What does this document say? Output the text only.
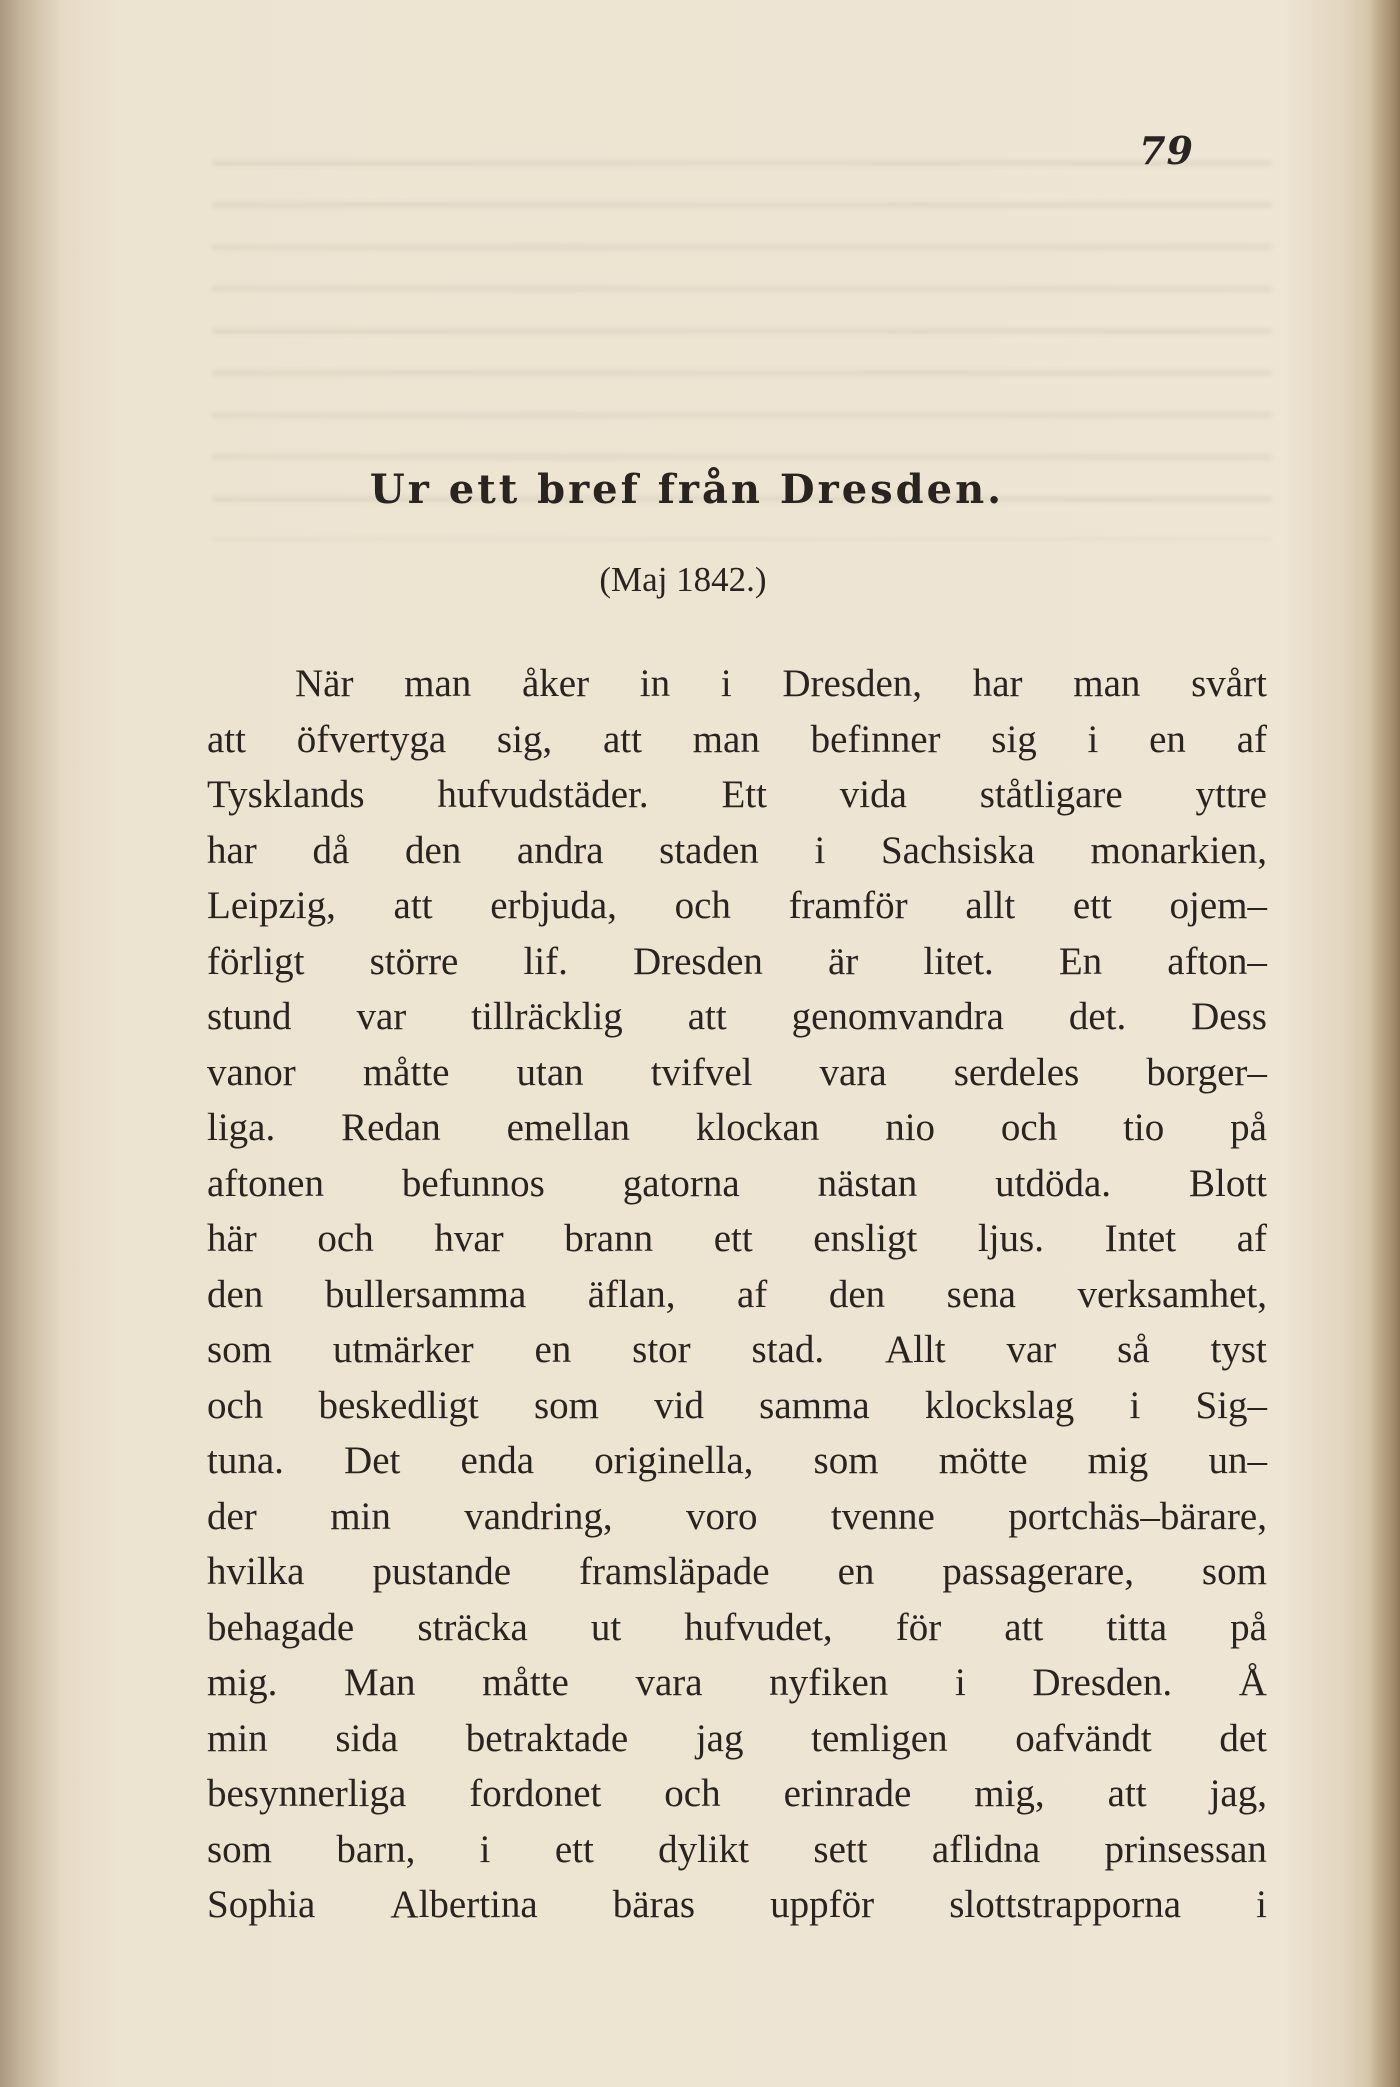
79
Ur ett bref från Dresden.
(Maj 1842.)
När man åker in i Dresden, har man svårt
att öfvertyga sig, att man befinner sig i en af
Tysklands hufvudstäder. Ett vida ståtligare yttre
har då den andra staden i Sachsiska monarkien,
Leipzig, att erbjuda, och framför allt ett ojem–
förligt större lif. Dresden är litet. En afton–
stund var tillräcklig att genomvandra det. Dess
vanor måtte utan tvifvel vara serdeles borger–
liga. Redan emellan klockan nio och tio på
aftonen befunnos gatorna nästan utdöda. Blott
här och hvar brann ett ensligt ljus. Intet af
den bullersamma äflan, af den sena verksamhet,
som utmärker en stor stad. Allt var så tyst
och beskedligt som vid samma klockslag i Sig–
tuna. Det enda originella, som mötte mig un–
der min vandring, voro tvenne portchäs–bärare,
hvilka pustande framsläpade en passagerare, som
behagade sträcka ut hufvudet, för att titta på
mig. Man måtte vara nyfiken i Dresden. Å
min sida betraktade jag temligen oafvändt det
besynnerliga fordonet och erinrade mig, att jag,
som barn, i ett dylikt sett aflidna prinsessan
Sophia Albertina bäras uppför slottstrapporna i
